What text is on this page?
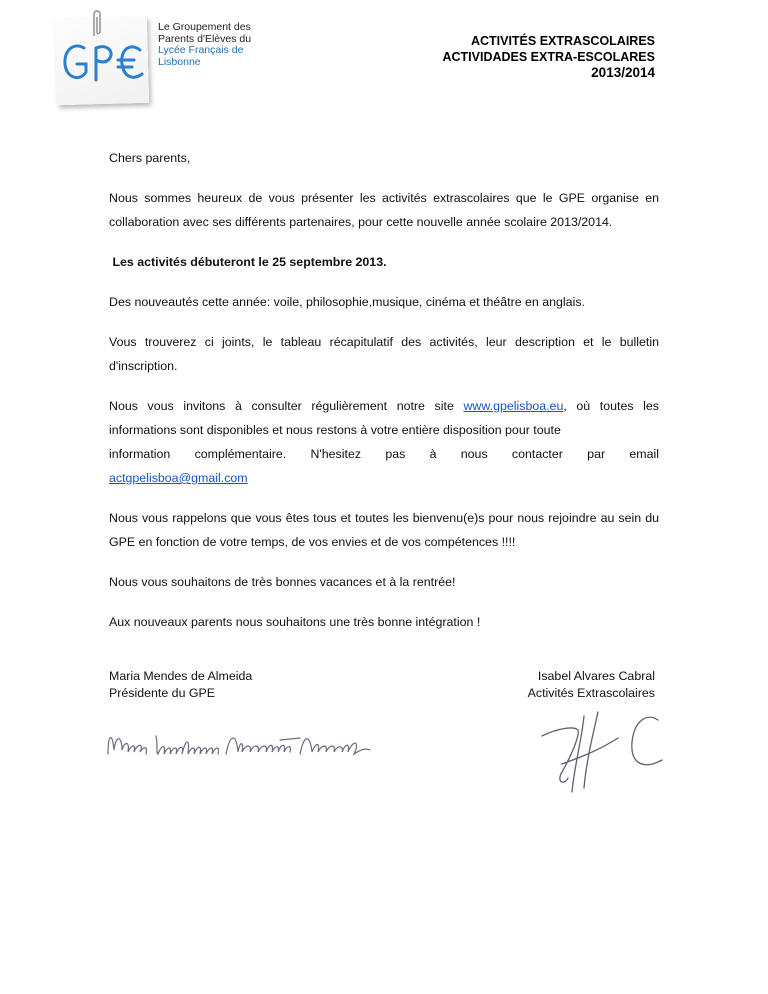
Le Groupement des
Parents d'Elèves du
Lycée Français de
Lisbonne
ACTIVITÉS EXTRASCOLAIRES
ACTIVIDADES EXTRA-ESCOLARES
2013/2014

Chers parents,

Nous sommes heureux de vous présenter les activités extrascolaires que le GPE organise en collaboration avec ses différents partenaires, pour cette nouvelle année scolaire 2013/2014.

Les activités débuteront le 25 septembre 2013.

Des nouveautés cette année: voile, philosophie,musique, cinéma et théâtre en anglais.

Vous trouverez ci joints, le tableau récapitulatif des activités, leur description et le bulletin d'inscription.

Nous vous invitons à consulter régulièrement notre site www.gpelisboa.eu, où toutes les informations sont disponibles et nous restons à votre entière disposition pour toute

information complémentaire. N'hesitez pas à nous contacter par email

actgpelisboa@gmail.com

Nous vous rappelons que vous êtes tous et toutes les bienvenu(e)s pour nous rejoindre au sein du GPE en fonction de votre temps, de vos envies et de vos compétences !!!!

Nous vous souhaitons de très bonnes vacances et à la rentrée!

Aux nouveaux parents nous souhaitons une très bonne intégration !

Maria Mendes de Almeida
Présidente du GPE
Isabel Alvares Cabral
Activités Extrascolaires
